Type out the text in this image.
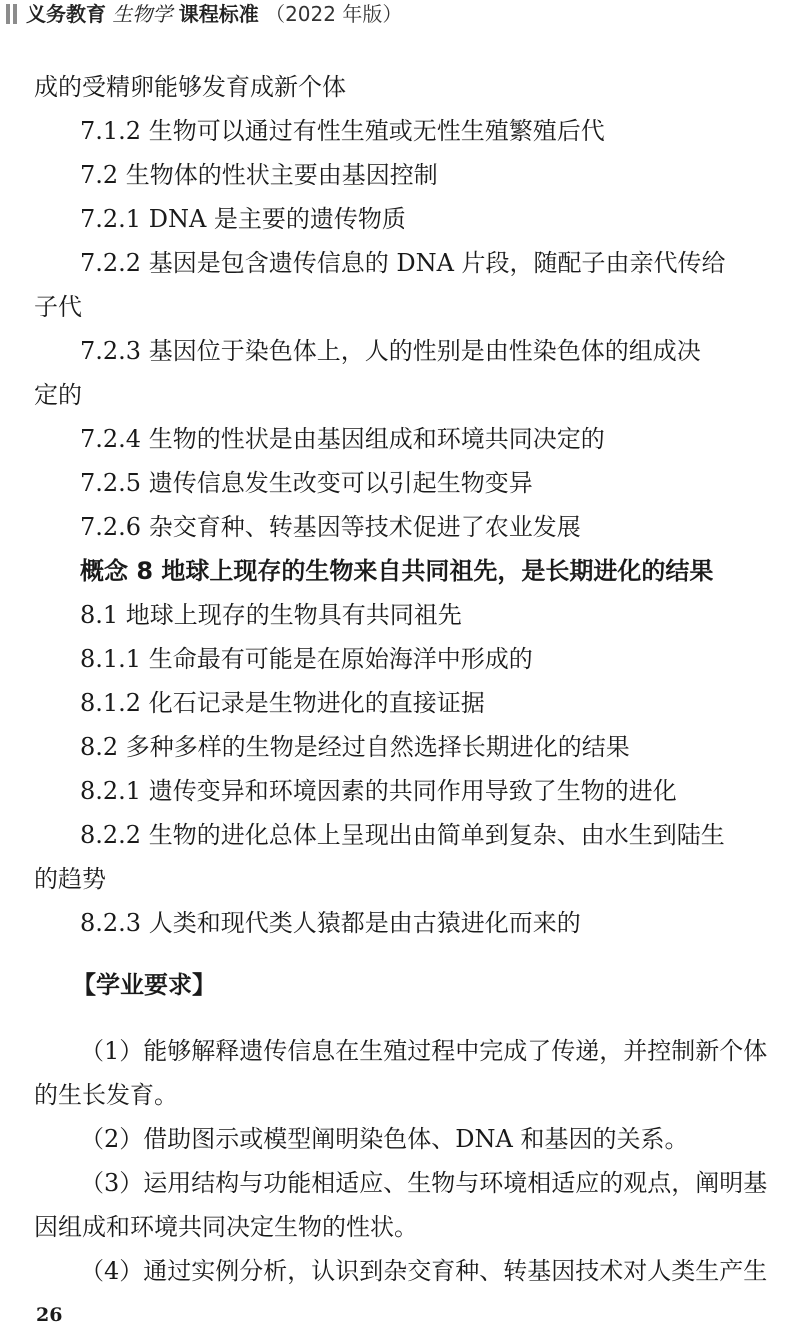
义务教育 生物学 课程标准 （2022 年版）
成的受精卵能够发育成新个体
7.1.2 生物可以通过有性生殖或无性生殖繁殖后代
7.2 生物体的性状主要由基因控制
7.2.1 DNA 是主要的遗传物质
7.2.2 基因是包含遗传信息的 DNA 片段，随配子由亲代传给
子代
7.2.3 基因位于染色体上，人的性别是由性染色体的组成决
定的
7.2.4 生物的性状是由基因组成和环境共同决定的
7.2.5 遗传信息发生改变可以引起生物变异
7.2.6 杂交育种、转基因等技术促进了农业发展
概念 8 地球上现存的生物来自共同祖先，是长期进化的结果
8.1 地球上现存的生物具有共同祖先
8.1.1 生命最有可能是在原始海洋中形成的
8.1.2 化石记录是生物进化的直接证据
8.2 多种多样的生物是经过自然选择长期进化的结果
8.2.1 遗传变异和环境因素的共同作用导致了生物的进化
8.2.2 生物的进化总体上呈现出由简单到复杂、由水生到陆生
的趋势
8.2.3 人类和现代类人猿都是由古猿进化而来的
【学业要求】
（1）能够解释遗传信息在生殖过程中完成了传递，并控制新个体
的生长发育。
（2）借助图示或模型阐明染色体、DNA 和基因的关系。
（3）运用结构与功能相适应、生物与环境相适应的观点，阐明基
因组成和环境共同决定生物的性状。
（4）通过实例分析，认识到杂交育种、转基因技术对人类生产生
26
